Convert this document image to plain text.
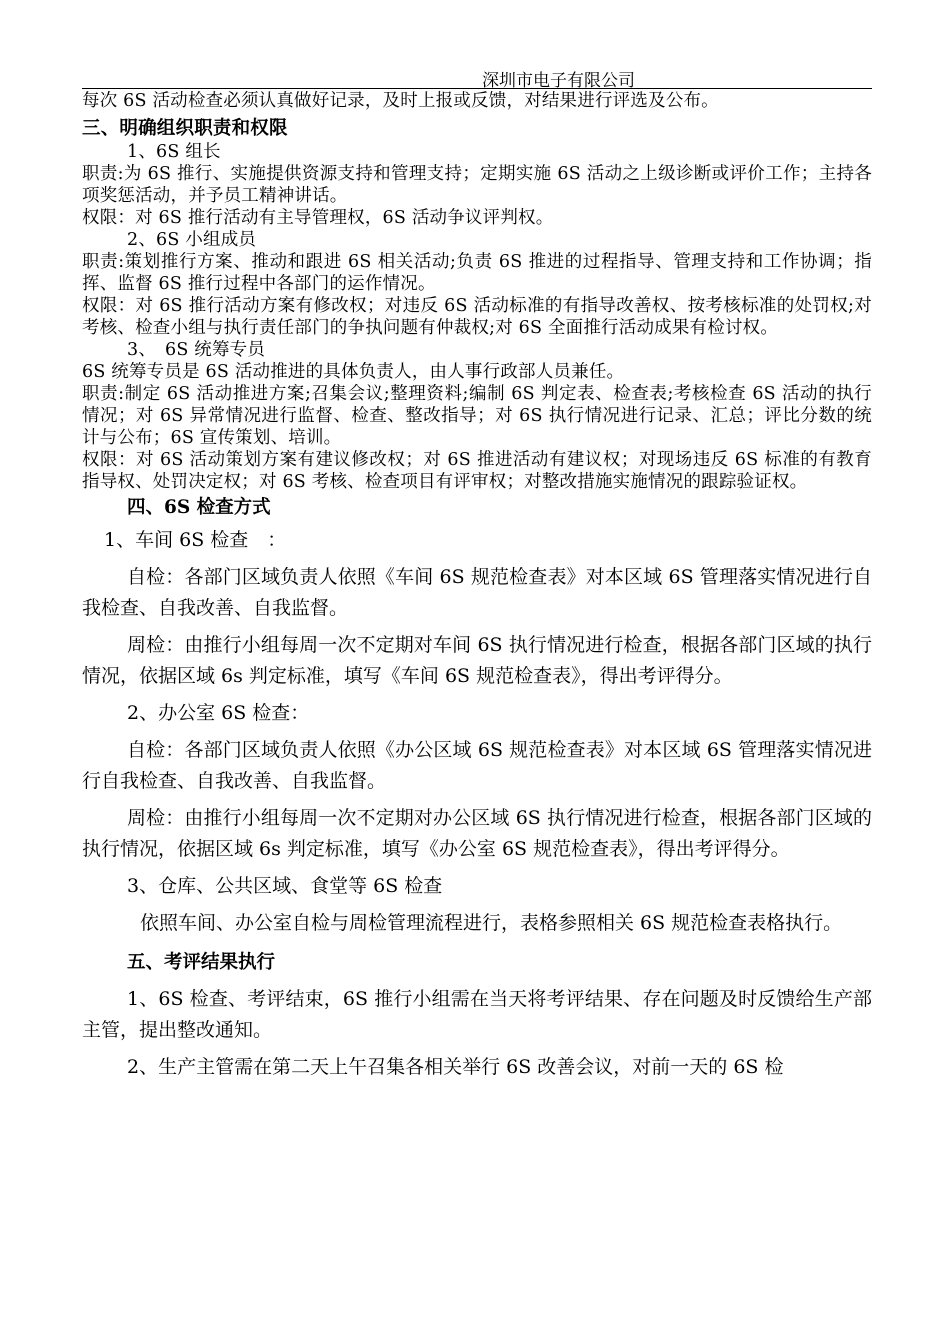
深圳市电子有限公司

每次 6S 活动检查必须认真做好记录，及时上报或反馈，对结果进行评选及公布。

三、明确组织职责和权限

1、6S 组长

职责:为 6S 推行、实施提供资源支持和管理支持；定期实施 6S 活动之上级诊断或评价工作；主持各项奖惩活动，并予员工精神讲话。

权限：对 6S 推行活动有主导管理权，6S 活动争议评判权。

2、6S 小组成员

职责:策划推行方案、推动和跟进 6S 相关活动;负责 6S 推进的过程指导、管理支持和工作协调；指挥、监督 6S 推行过程中各部门的运作情况。

权限：对 6S 推行活动方案有修改权；对违反 6S 活动标准的有指导改善权、按考核标准的处罚权;对考核、检查小组与执行责任部门的争执问题有仲裁权;对 6S 全面推行活动成果有检讨权。

3、　6S 统筹专员

6S 统筹专员是 6S 活动推进的具体负责人，由人事行政部人员兼任。

职责:制定 6S 活动推进方案;召集会议;整理资料;编制 6S 判定表、检查表;考核检查 6S 活动的执行情况；对 6S 异常情况进行监督、检查、整改指导；对 6S 执行情况进行记录、汇总；评比分数的统计与公布；6S 宣传策划、培训。

权限：对 6S 活动策划方案有建议修改权；对 6S 推进活动有建议权；对现场违反 6S 标准的有教育指导权、处罚决定权；对 6S 考核、检查项目有评审权；对整改措施实施情况的跟踪验证权。

四、6S 检查方式

1、车间 6S 检查　：

自检：各部门区域负责人依照《车间 6S 规范检查表》对本区域 6S 管理落实情况进行自我检查、自我改善、自我监督。

周检：由推行小组每周一次不定期对车间 6S 执行情况进行检查，根据各部门区域的执行情况，依据区域 6s 判定标准，填写《车间 6S 规范检查表》，得出考评得分。

2、办公室 6S 检查：

自检：各部门区域负责人依照《办公区域 6S 规范检查表》对本区域 6S 管理落实情况进行自我检查、自我改善、自我监督。

周检：由推行小组每周一次不定期对办公区域 6S 执行情况进行检查，根据各部门区域的执行情况，依据区域 6s 判定标准，填写《办公室 6S 规范检查表》，得出考评得分。

3、仓库、公共区域、食堂等 6S 检查

依照车间、办公室自检与周检管理流程进行，表格参照相关 6S 规范检查表格执行。

五、考评结果执行

1、6S 检查、考评结束，6S 推行小组需在当天将考评结果、存在问题及时反馈给生产部主管，提出整改通知。

2、生产主管需在第二天上午召集各相关举行 6S 改善会议，对前一天的 6S 检
